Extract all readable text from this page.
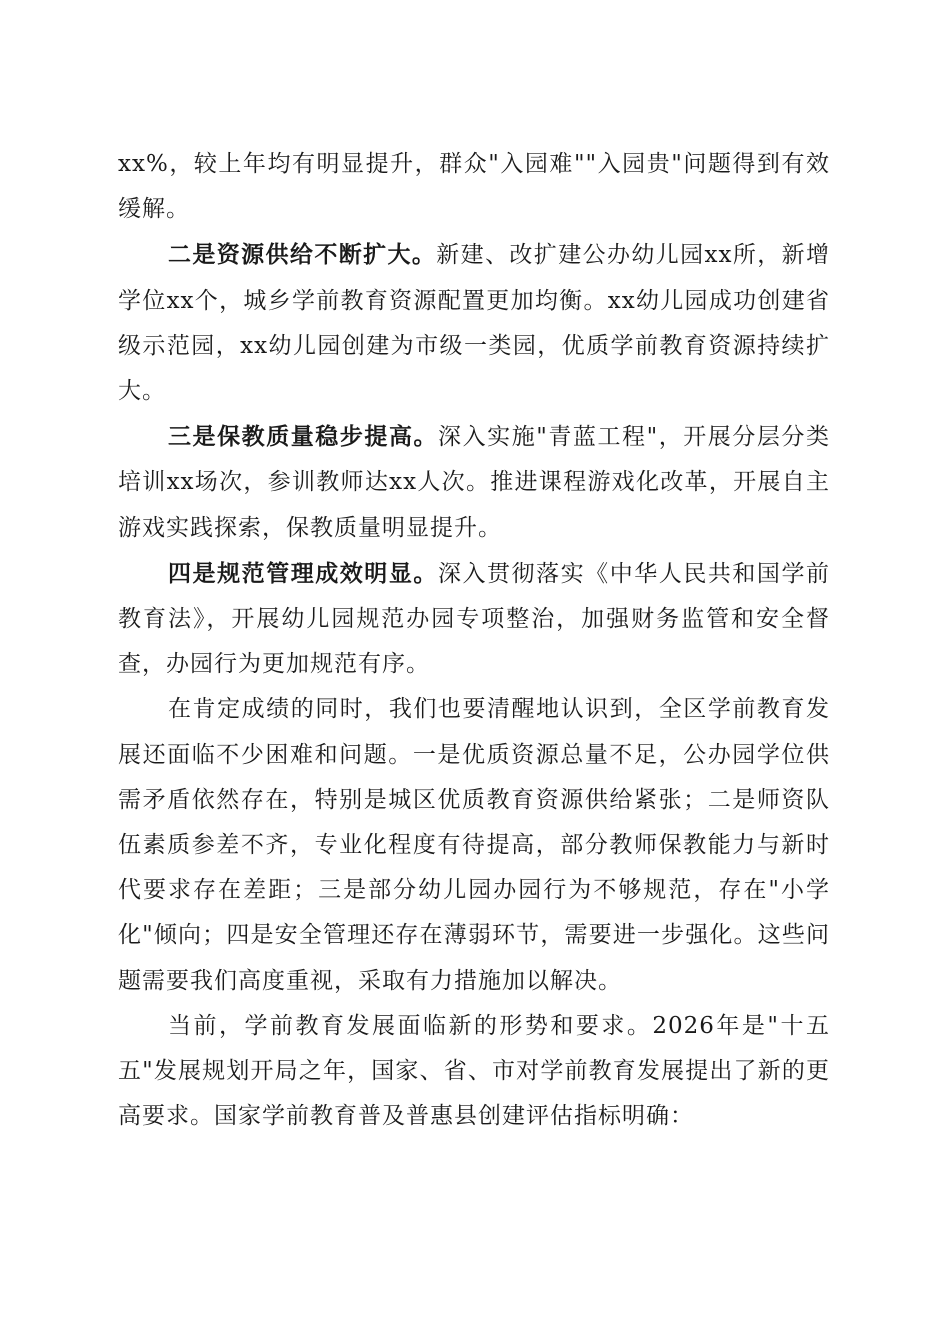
xx%，较上年均有明显提升，群众"入园难""入园贵"问题得到有效缓解。

二是资源供给不断扩大。新建、改扩建公办幼儿园xx所，新增学位xx个，城乡学前教育资源配置更加均衡。xx幼儿园成功创建省级示范园，xx幼儿园创建为市级一类园，优质学前教育资源持续扩大。

三是保教质量稳步提高。深入实施"青蓝工程"，开展分层分类培训xx场次，参训教师达xx人次。推进课程游戏化改革，开展自主游戏实践探索，保教质量明显提升。

四是规范管理成效明显。深入贯彻落实《中华人民共和国学前教育法》，开展幼儿园规范办园专项整治，加强财务监管和安全督查，办园行为更加规范有序。

在肯定成绩的同时，我们也要清醒地认识到，全区学前教育发展还面临不少困难和问题。一是优质资源总量不足，公办园学位供需矛盾依然存在，特别是城区优质教育资源供给紧张；二是师资队伍素质参差不齐，专业化程度有待提高，部分教师保教能力与新时代要求存在差距；三是部分幼儿园办园行为不够规范，存在"小学化"倾向；四是安全管理还存在薄弱环节，需要进一步强化。这些问题需要我们高度重视，采取有力措施加以解决。

当前，学前教育发展面临新的形势和要求。2026年是"十五五"发展规划开局之年，国家、省、市对学前教育发展提出了新的更高要求。国家学前教育普及普惠县创建评估指标明确：
